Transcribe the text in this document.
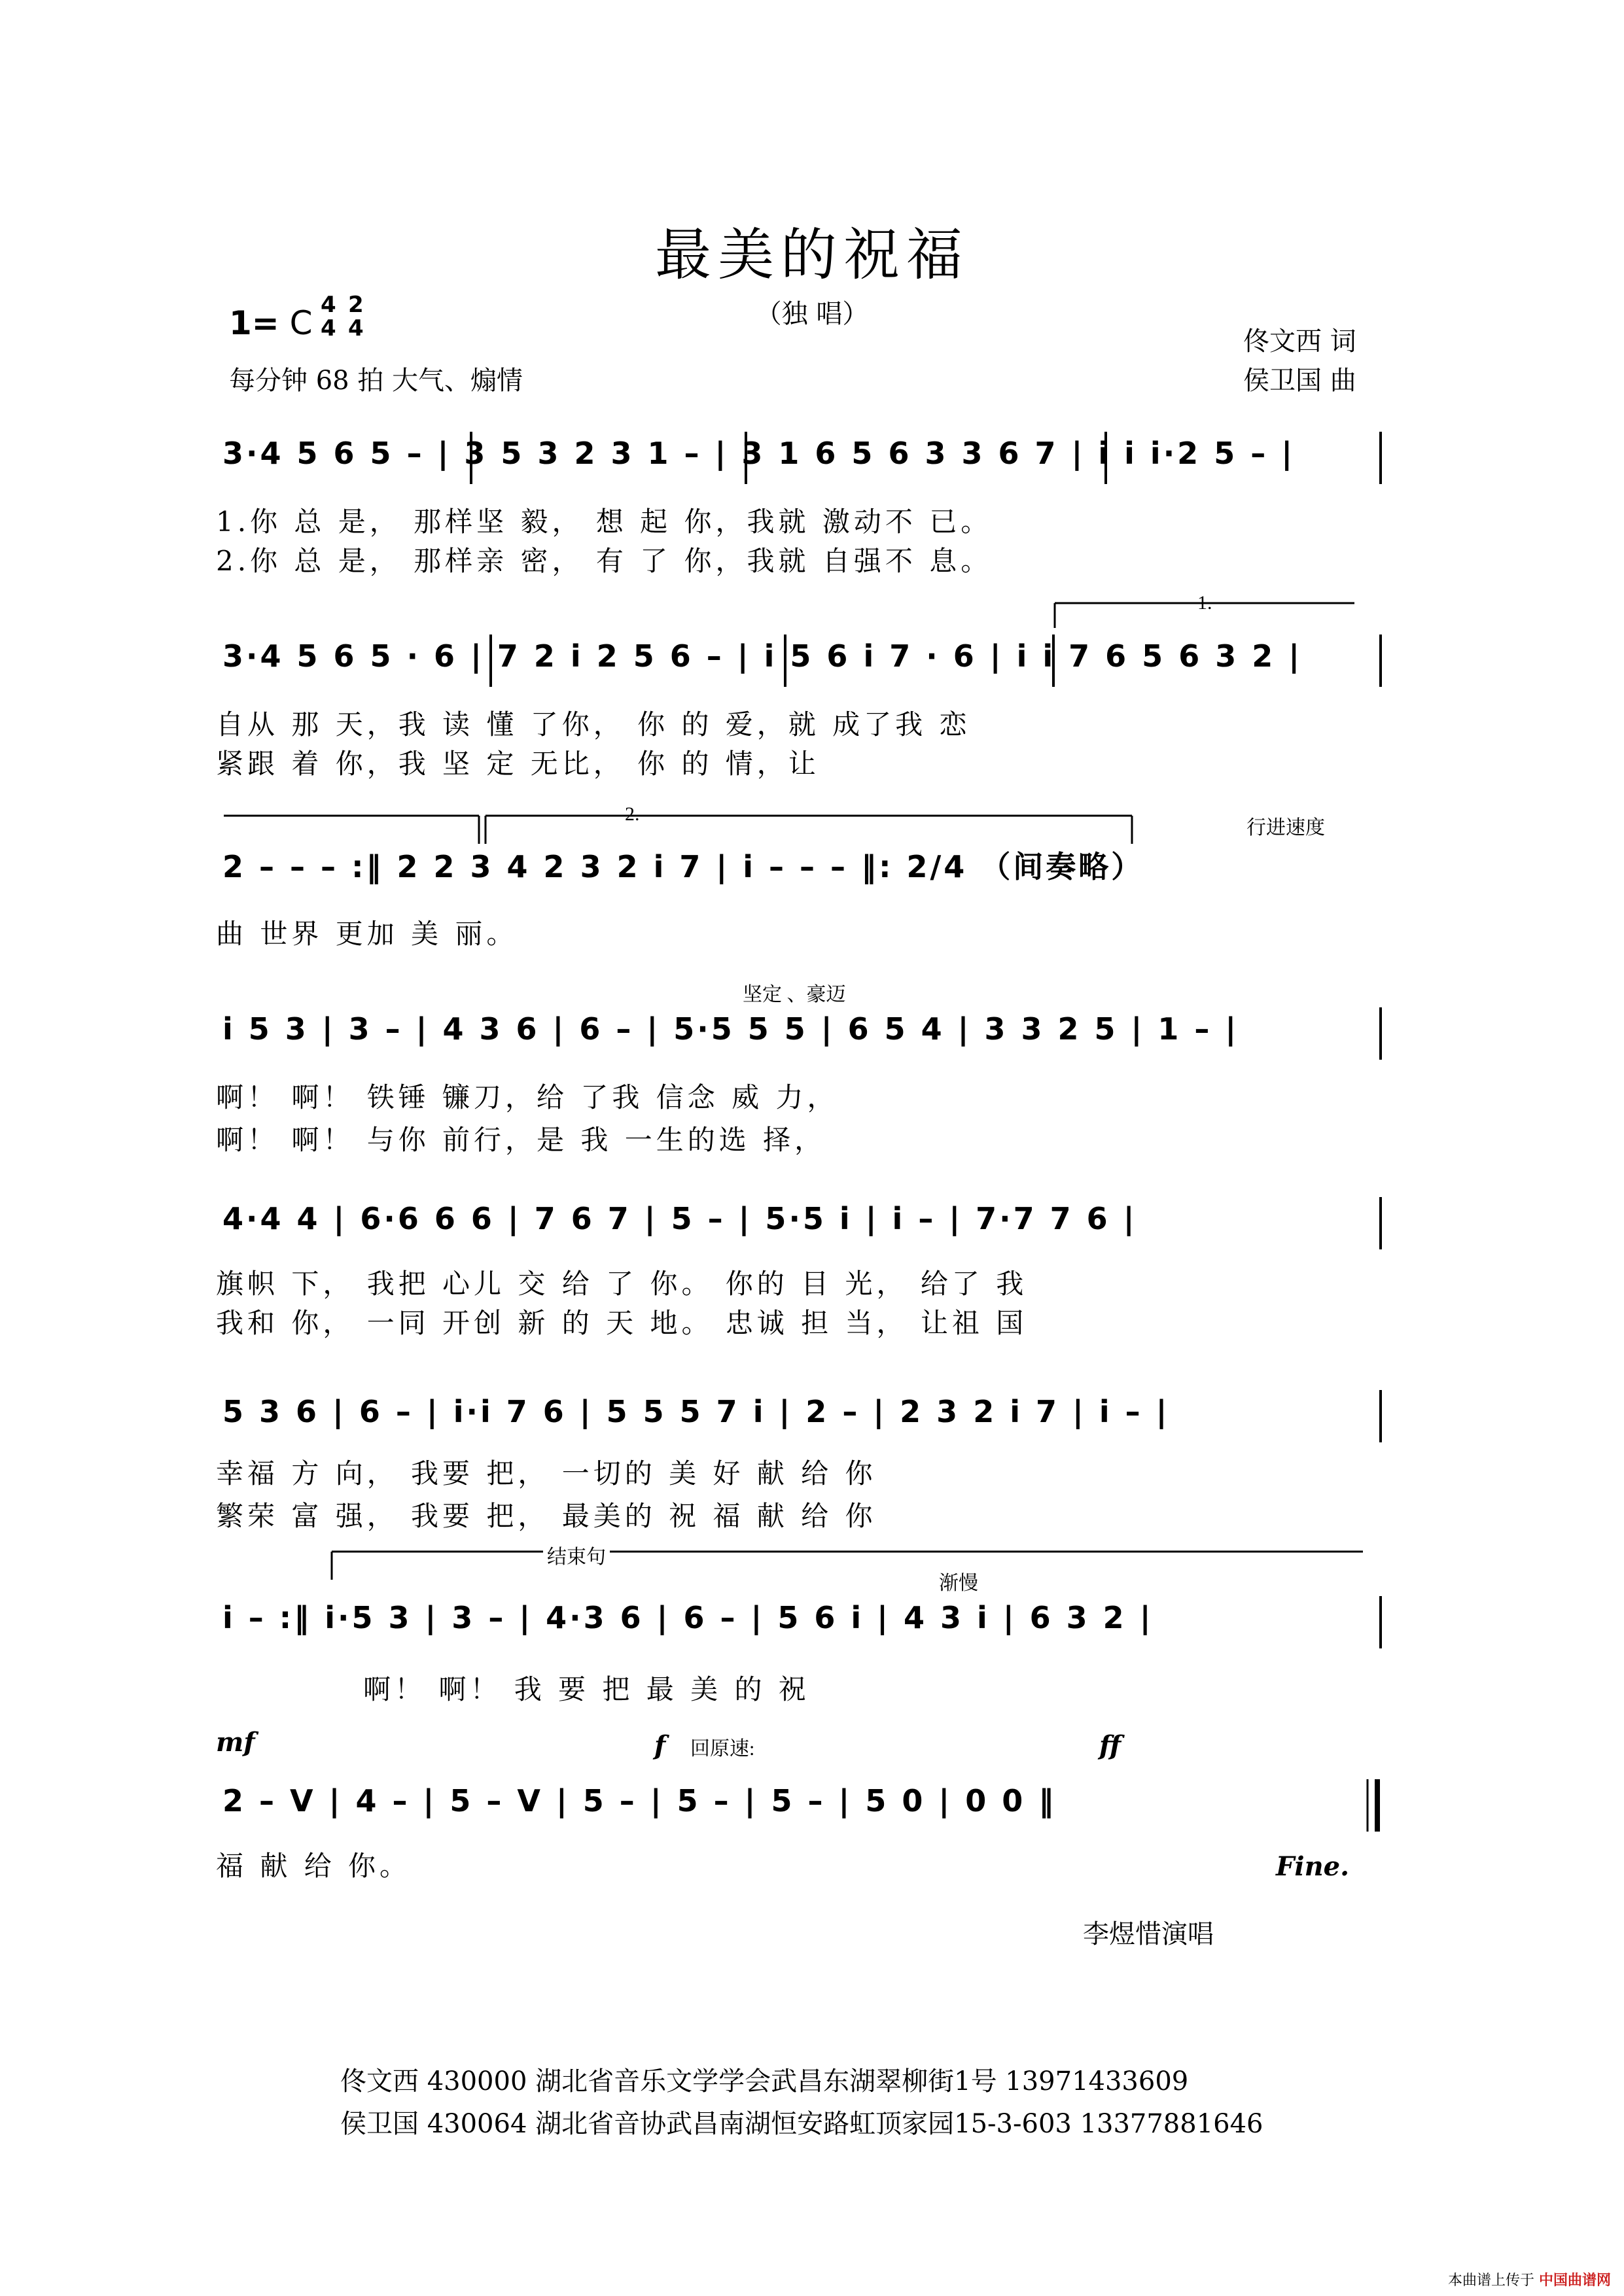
最美的祝福
（独 唱）
1= C 4
4
2
4
每分钟 68 拍 大气、煽情
佟文西 词
侯卫国 曲
3·4 5 6 5 – | 3 5 3 2 3 1 – | 3 1 6 5 6 3 3 6 7 | i i i·2 5 – |
1.你 总 是， 那样坚 毅， 想 起 你，我就 激动不 已。
2.你 总 是， 那样亲 密， 有 了 你，我就 自强不 息。
1.
3·4 5 6 5 · 6 | 7 2 i 2 5 6 – | i 5 6 i 7 · 6 | i i 7 6 5 6 3 2 |
自从 那 天，我 读 懂 了你， 你 的 爱，就 成了我 恋
紧跟 着 你，我 坚 定 无比， 你 的 情，让
2.
行进速度
2 – – – :‖ 2 2 3 4 2 3 2 i 7 | i – – – ‖: 2/4 （间奏略）
曲 世界 更加 美 丽。
坚定 、豪迈
i 5 3 | 3 – | 4 3 6 | 6 – | 5·5 5 5 | 6 5 4 | 3 3 2 5 | 1 – |
啊！ 啊！ 铁锤 镰刀，给 了我 信念 威 力，
啊！ 啊！ 与你 前行，是 我 一生的选 择，
4·4 4 | 6·6 6 6 | 7 6 7 | 5 – | 5·5 i | i – | 7·7 7 6 |
旗帜 下， 我把 心儿 交 给 了 你。 你的 目 光， 给了 我
我和 你， 一同 开创 新 的 天 地。 忠诚 担 当， 让祖 国
5 3 6 | 6 – | i·i 7 6 | 5 5 5 7 i | 2 – | 2 3 2 i 7 | i – |
幸福 方 向， 我要 把， 一切的 美 好 献 给 你
繁荣 富 强， 我要 把， 最美的 祝 福 献 给 你
结束句
渐慢
i – :‖ i·5 3 | 3 – | 4·3 6 | 6 – | 5 6 i | 4 3 i | 6 3 2 |
啊！ 啊！ 我 要 把 最 美 的 祝
mf	f 回原速:	ff
2 – V | 4 – | 5 – V | 5 – | 5 – | 5 – | 5 0 | 0 0 ‖
福 献 给 你。	Fine.
李煜惜演唱
佟文西 430000 湖北省音乐文学学会武昌东湖翠柳街1号 13971433609
侯卫国 430064 湖北省音协武昌南湖恒安路虹顶家园15-3-603 13377881646
本曲谱上传于 中国曲谱网
